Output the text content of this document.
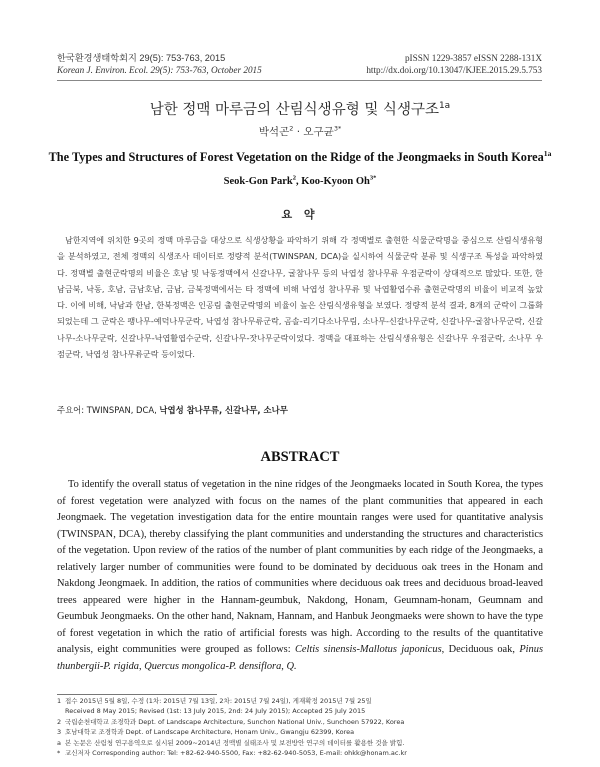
한국환경생태학회지 29(5): 753-763, 2015
Korean J. Environ. Ecol. 29(5): 753-763, October 2015
pISSN 1229-3857 eISSN 2288-131X
http://dx.doi.org/10.13047/KJEE.2015.29.5.753
남한 정맥 마루금의 산림식생유형 및 식생구조$^{1a}$
박석곤$^2$ · 오구균$^{3*}$
The Types and Structures of Forest Vegetation on the Ridge of the Jeongmaeks in South Korea$^{1a}$
Seok-Gon Park$^2$, Koo-Kyoon $Oh^{3*}$
요 약

남한지역에 위치한 9곳의 정맥 마루금을 대상으로 식생상황을 파악하기 위해 각 정맥별로 출현한 식물군락명을 중심으로 산림식생유형을 분석하였고, 전체 정맥의 식생조사 데이터로 정량적 분석(TWINSPAN, DCA)을 실시하여 식물군락 분류 및 식생구조 특성을 파악하였다. 정맥별 출현군락명의 비율은 호남 및 낙동정맥에서 신갈나무, 굴참나무 등의 낙엽성 참나무류 우점군락이 상대적으로 많았다. 또한, 한남금북, 낙동, 호남, 금남호남, 금남, 금북정맥에서는 타 정맥에 비해 낙엽성 참나무류 및 낙엽활엽수류 출현군락명의 비율이 비교적 높았다. 이에 비해, 낙남과 한남, 한북정맥은 인공림 출현군락명의 비율이 높은 산림식생유형을 보였다. 정량적 분석 결과, 8개의 군락이 그룹화되었는데 그 군락은 팽나무-예덕나무군락, 낙엽성 참나무류군락, 곰솔-리기다소나무림, 소나무-신갈나무군락, 신갈나무-굴참나무군락, 신갈나무-소나무군락, 신갈나무-낙엽활엽수군락, 신갈나무-잣나무군락이었다. 정맥을 대표하는 산림식생유형은 신갈나무 우점군락, 소나무 우점군락, 낙엽성 참나무류군락 등이었다.

주요어: TWINSPAN, DCA, 낙엽성 참나무류, 신갈나무, 소나무
ABSTRACT

To identify the overall status of vegetation in the nine ridges of the Jeongmaeks located in South Korea, the types of forest vegetation were analyzed with focus on the names of the plant communities that appeared in each Jeongmaek. The vegetation investigation data for the entire mountain ranges were used for quantitative analysis (TWINSPAN, DCA), thereby classifying the plant communities and understanding the structures and characteristics of the vegetation. Upon review of the ratios of the number of plant communities by each ridge of the Jeongmaeks, a relatively larger number of communities were found to be dominated by deciduous oak trees in the Honam and Nakdong Jeongmaek. In addition, the ratios of communities where deciduous oak trees and deciduous broad-leaved trees appeared were higher in the Hannam-geumbuk, Nakdong, Honam, Geumnam-honam, Geumnam and Geumbuk Jeongmaeks. On the other hand, Naknam, Hannam, and Hanbuk Jeongmaeks were shown to have the type of forest vegetation in which the ratio of artificial forests was high. According to the results of the quantitative analysis, eight communities were grouped as follows: Celtis sinensis-Mallotus japonicus, Deciduous oak, Pinus thunbergii-P. rigida, Quercus mongolica-P. densiflora, Q.

1 접수 2015년 5월 8일, 수정 (1차: 2015년 7월 13일, 2차: 2015년 7월 24일), 게재확정 2015년 7월 25일
Received 8 May 2015; Revised (1st: 13 July 2015, 2nd: 24 July 2015); Accepted 25 July 2015
2 국립순천대학교 조경학과 Dept. of Landscape Architecture, Sunchon National Univ., Sunchoen 57922, Korea
3 호남대학교 조경학과 Dept. of Landscape Architecture, Honam Univ., Gwangju 62399, Korea
a 본 논문은 산림청 연구용역으로 실시된 2009~2014년 정맥별 실태조사 및 보전방안 연구의 데이터를 활용한 것을 밝힘.
* 교신저자 Corresponding author: Tel: +82-62-940-5500, Fax: +82-62-940-5053, E-mail: ohkk@honam.ac.kr
